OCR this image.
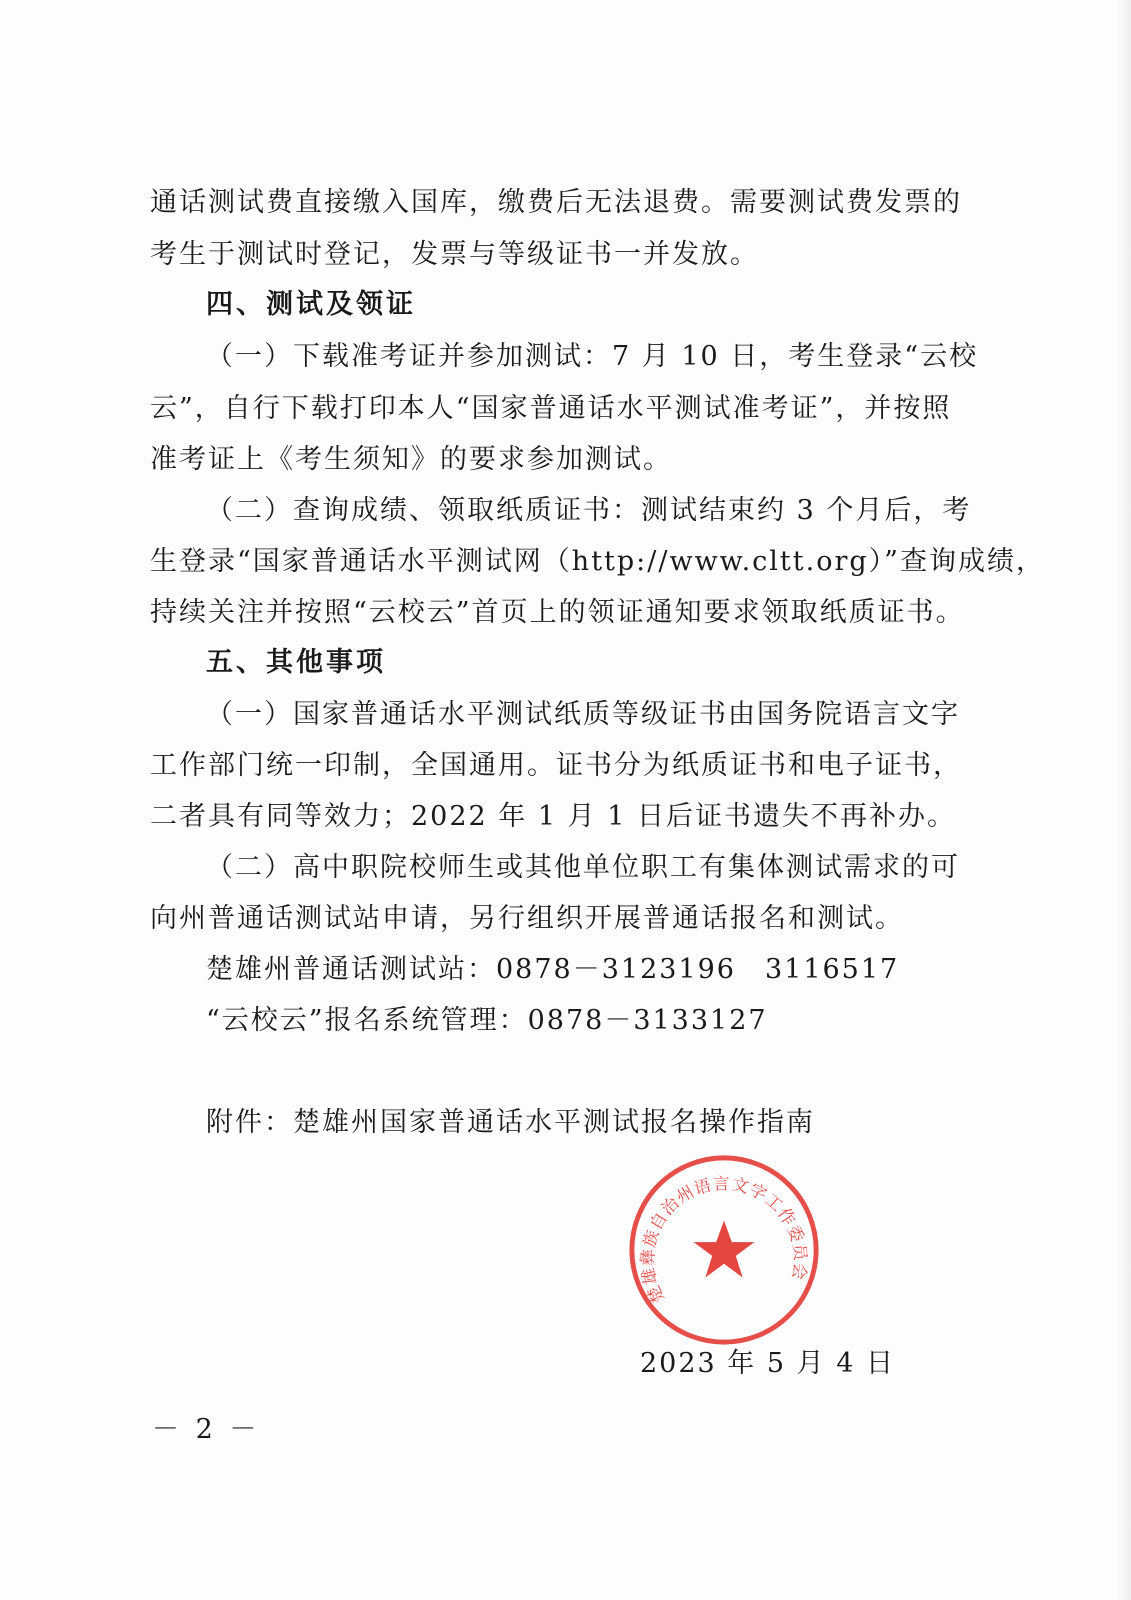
通话测试费直接缴入国库，缴费后无法退费。需要测试费发票的
考生于测试时登记，发票与等级证书一并发放。
四、测试及领证
（一）下载准考证并参加测试：7 月 10 日，考生登录“云校
云”，自行下载打印本人“国家普通话水平测试准考证”，并按照
准考证上《考生须知》的要求参加测试。
（二）查询成绩、领取纸质证书：测试结束约 3 个月后，考
生登录“国家普通话水平测试网（http://www.cltt.org）”查询成绩，
持续关注并按照“云校云”首页上的领证通知要求领取纸质证书。
五、其他事项
（一）国家普通话水平测试纸质等级证书由国务院语言文字
工作部门统一印制，全国通用。证书分为纸质证书和电子证书，
二者具有同等效力；2022 年 1 月 1 日后证书遗失不再补办。
（二）高中职院校师生或其他单位职工有集体测试需求的可
向州普通话测试站申请，另行组织开展普通话报名和测试。
楚雄州普通话测试站：0878－3123196　3116517
“云校云”报名系统管理：0878－3133127
附件：楚雄州国家普通话水平测试报名操作指南
楚雄彝族自治州语言文字工作委员会
2023 年 5 月 4 日
－ 2 －
